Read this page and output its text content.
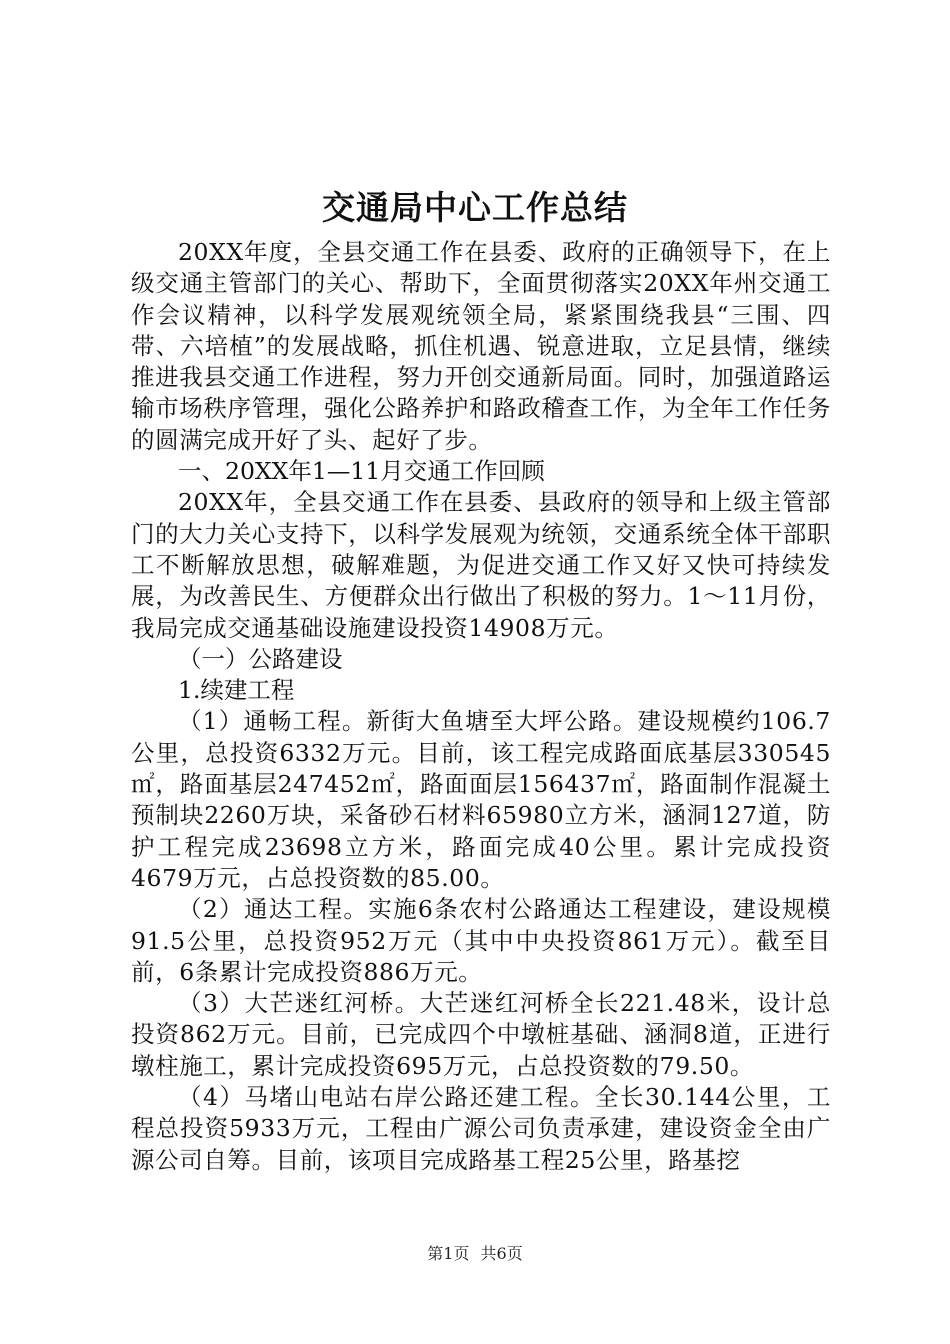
交通局中心工作总结

20XX年度，全县交通工作在县委、政府的正确领导下，在上级交通主管部门的关心、帮助下，全面贯彻落实20XX年州交通工作会议精神，以科学发展观统领全局，紧紧围绕我县“三围、四带、六培植”的发展战略，抓住机遇、锐意进取，立足县情，继续推进我县交通工作进程，努力开创交通新局面。同时，加强道路运输市场秩序管理，强化公路养护和路政稽查工作，为全年工作任务的圆满完成开好了头、起好了步。

一、20XX年1—11月交通工作回顾

20XX年，全县交通工作在县委、县政府的领导和上级主管部门的大力关心支持下，以科学发展观为统领，交通系统全体干部职工不断解放思想，破解难题，为促进交通工作又好又快可持续发展，为改善民生、方便群众出行做出了积极的努力。1～11月份，我局完成交通基础设施建设投资14908万元。

（一）公路建设

1.续建工程

（1）通畅工程。新街大鱼塘至大坪公路。建设规模约106.7公里，总投资6332万元。目前，该工程完成路面底基层330545㎡，路面基层247452㎡，路面面层156437㎡，路面制作混凝土预制块2260万块，采备砂石材料65980立方米，涵洞127道，防护工程完成23698立方米，路面完成40公里。累计完成投资4679万元，占总投资数的85.00。

（2）通达工程。实施6条农村公路通达工程建设，建设规模91.5公里，总投资952万元（其中中央投资861万元）。截至目前，6条累计完成投资886万元。

（3）大芒迷红河桥。大芒迷红河桥全长221.48米，设计总投资862万元。目前，已完成四个中墩桩基础、涵洞8道，正进行墩柱施工，累计完成投资695万元，占总投资数的79.50。

（4）马堵山电站右岸公路还建工程。全长30.144公里，工程总投资5933万元，工程由广源公司负责承建，建设资金全由广源公司自筹。目前，该项目完成路基工程25公里，路基挖

第1页 共6页
